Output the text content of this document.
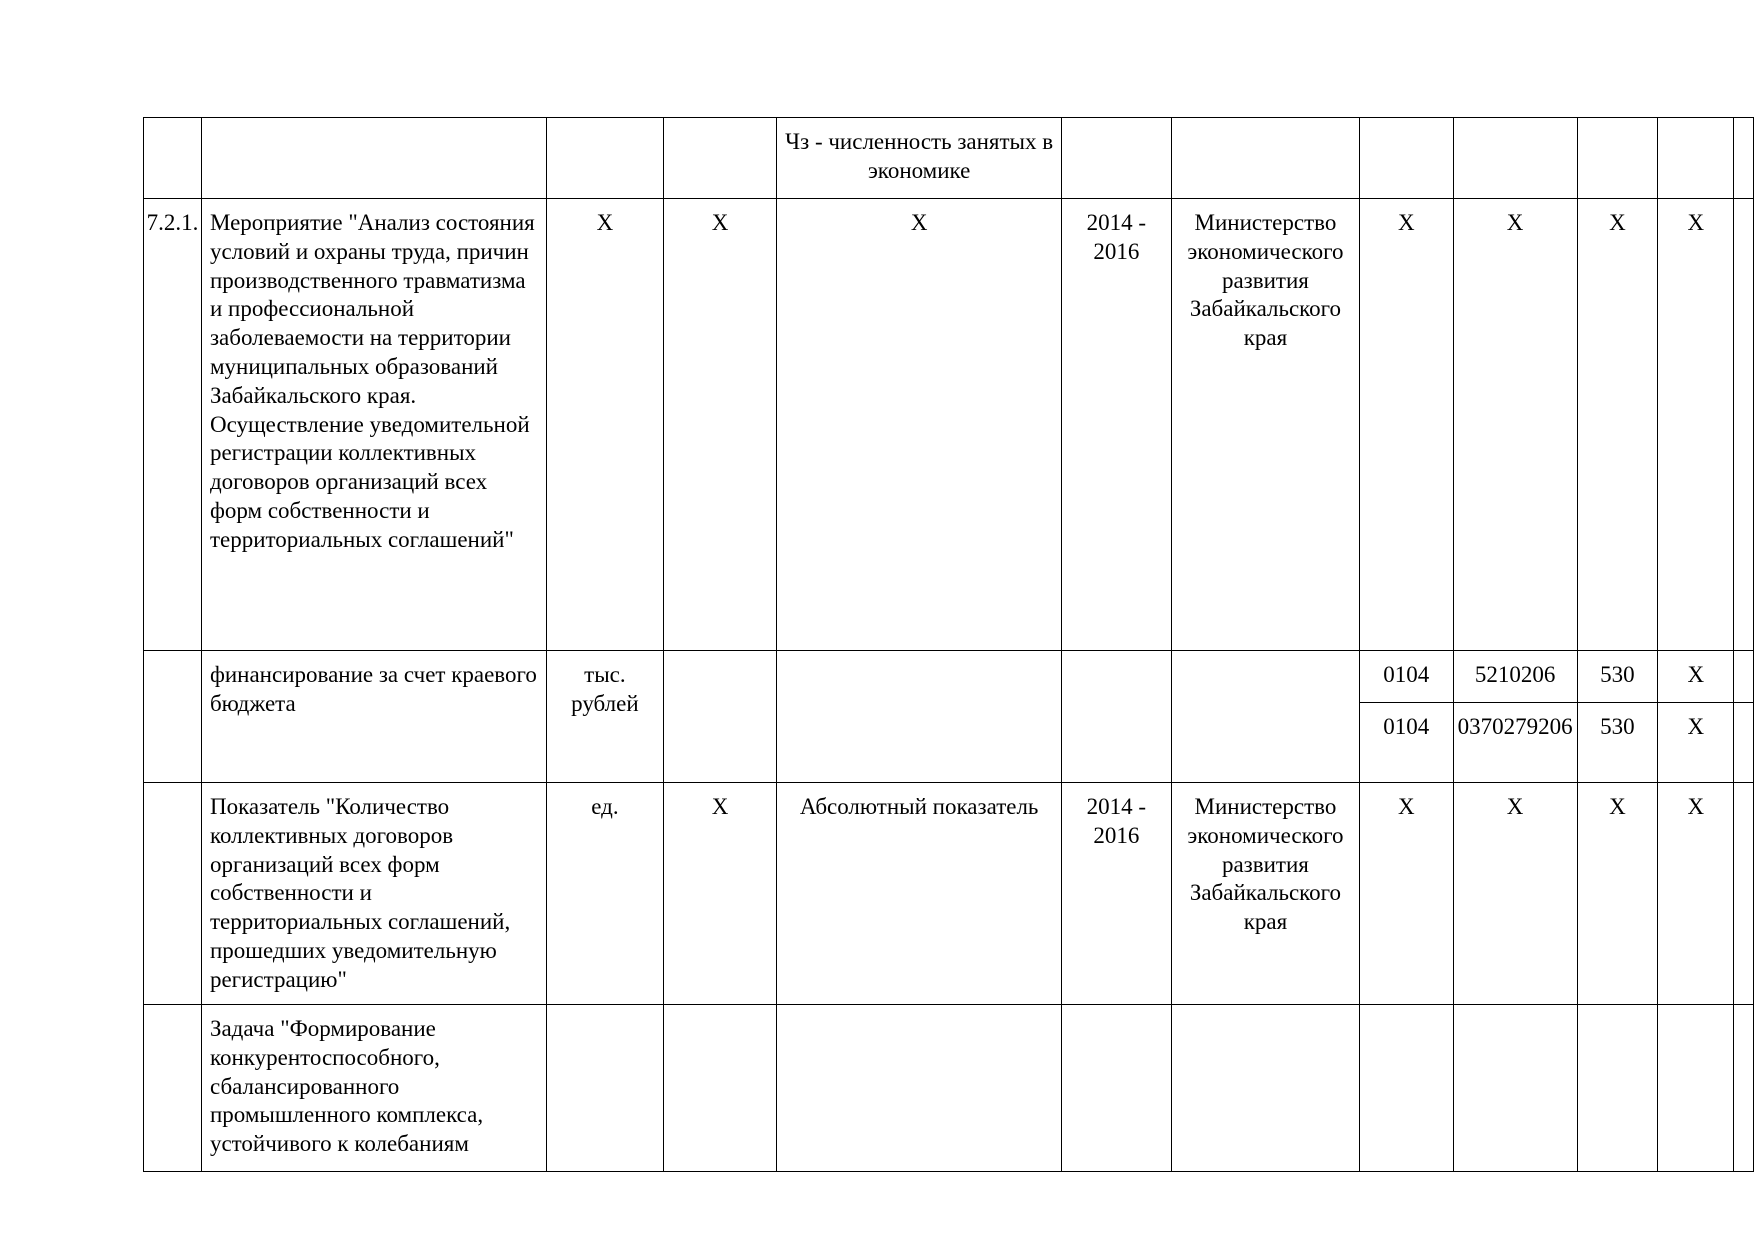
				Чз - численность занятых в экономике							
7.2.1.	Мероприятие "Анализ состояния условий и охраны труда, причин производственного травматизма и профессиональной заболеваемости на территории муниципальных образований Забайкальского края. Осуществление уведомительной регистрации коллективных договоров организаций всех форм собственности и территориальных соглашений"	X	X	X	2014 - 2016	Министерство экономического развития Забайкальского края	X	X	X	X	
	финансирование за счет краевого бюджета	тыс. рублей					0104	5210206	530	X	
							0104	0370279206	530	X	
	Показатель "Количество коллективных договоров организаций всех форм собственности и территориальных соглашений, прошедших уведомительную регистрацию"	ед.	X	Абсолютный показатель	2014 - 2016	Министерство экономического развития Забайкальского края	X	X	X	X	
	Задача "Формирование конкурентоспособного, сбалансированного промышленного комплекса, устойчивого к колебаниям										
